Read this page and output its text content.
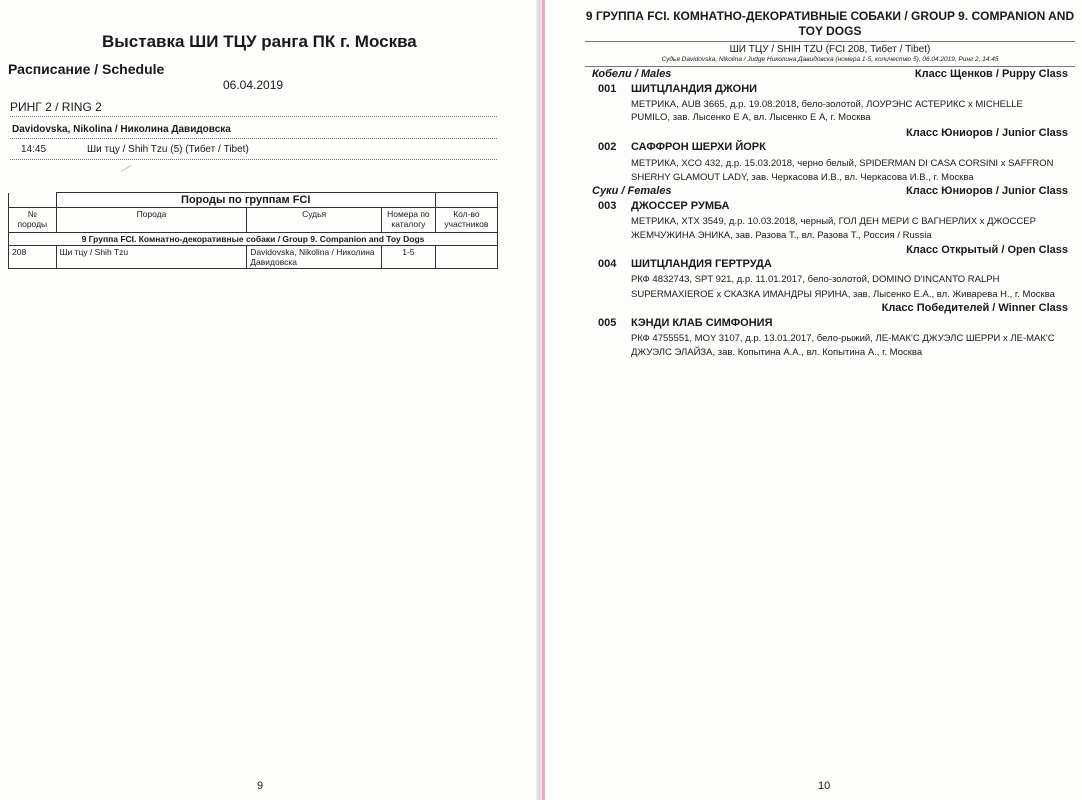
Выставка ШИ ТЦУ ранга ПК г. Москва
Расписание / Schedule
06.04.2019
РИНГ 2 / RING 2
Davidovska, Nikolina / Николина Давидовска
14:45	Ши тцу / Shih Tzu (5) (Тибет / Tibet)
	Породы по группам FCI			
№ породы	Порода	Судья	Номера по каталогу	Кол-во участников
9 Группа FCI. Комнатно-декоративные собаки / Group 9. Companion and Toy Dogs				
208	Ши тцу / Shih Tzu	Davidovska, Nikolina / Николина Давидовска	1-5	
9
9 ГРУППА FCI. КОМНАТНО-ДЕКОРАТИВНЫЕ СОБАКИ / GROUP 9. COMPANION AND TOY DOGS
ШИ ТЦУ / SHIH TZU (FCI 208, Тибет / Tibet)
Судья Davidovska, Nikolina / Judge Николина Давидовска (номера 1-5, количество 5), 06.04.2019, Ринг 2, 14:45
Кобели / Males	Класс Щенков / Puppy Class
001 ШИТЦЛАНДИЯ ДЖОНИ
МЕТРИКА, AUB 3665, д.р. 19.08.2018, бело-золотой, ЛОУРЭНС АСТЕРИКС x MICHELLE
PUMILO, зав. Лысенко Е А, вл. Лысенко Е А, г. Москва
Класс Юниоров / Junior Class
002 САФФРОН ШЕРХИ ЙОРК
МЕТРИКА, XCO 432, д.р. 15.03.2018, черно белый, SPIDERMAN DI CASA CORSINI x SAFFRON
SHERHY GLAMOUT LADY, зав. Черкасова И.В., вл. Черкасова И.В., г. Москва
Суки / Females	Класс Юниоров / Junior Class
003 ДЖОССЕР РУМБА
МЕТРИКА, XTX 3549, д.р. 10.03.2018, черный, ГОЛ ДЕН МЕРИ С ВАГНЕРЛИХ x ДЖОССЕР
ЖЕМЧУЖИНА ЭНИКА, зав. Разова Т., вл. Разова Т., Россия / Russia
Класс Открытый / Open Class
004 ШИТЦЛАНДИЯ ГЕРТРУДА
РКФ 4832743, SPT 921, д.р. 11.01.2017, бело-золотой, DOMINO D'INCANTO RALPH
SUPERMAXIEROE x СКАЗКА ИМАНДРЫ ЯРИНА, зав. Лысенко Е.А., вл. Живарева Н., г. Москва
Класс Победителей / Winner Class
005 КЭНДИ КЛАБ СИМФОНИЯ
РКФ 4755551, MOY 3107, д.р. 13.01.2017, бело-рыжий, ЛЕ-МАК'С ДЖУЭЛС ШЕРРИ x ЛЕ-МАК'С
ДЖУЭЛС ЭЛАЙЗА, зав. Копытина А.А., вл. Копытина А., г. Москва
10
